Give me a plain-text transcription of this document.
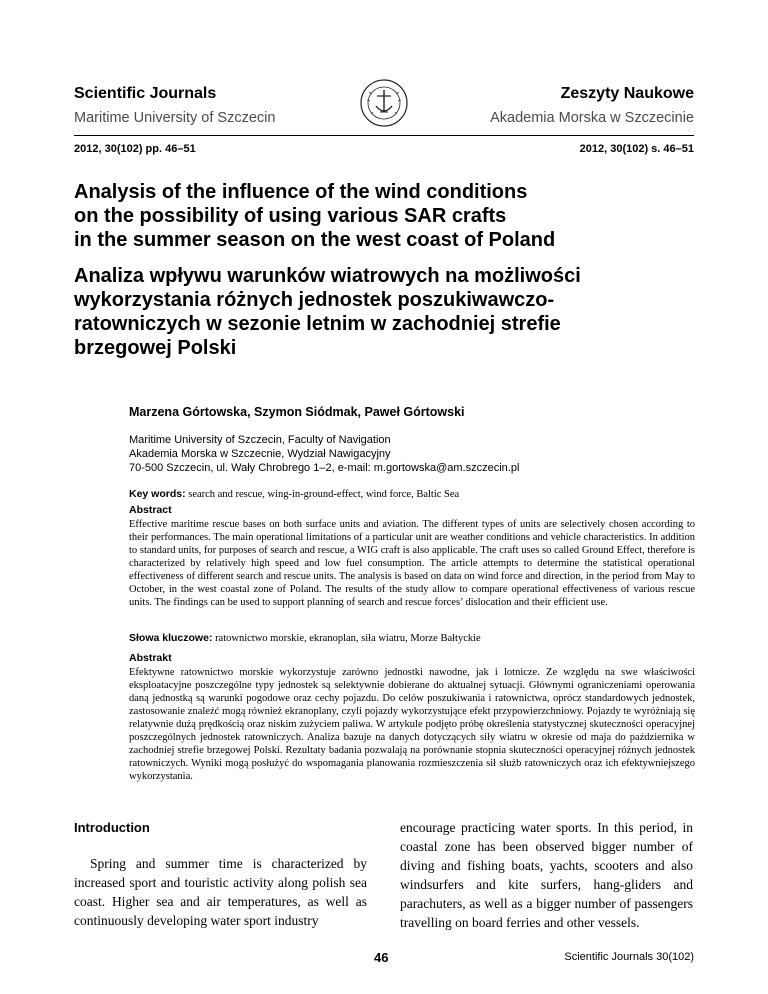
Scientific Journals
Maritime University of Szczecin
Zeszyty Naukowe
Akademia Morska w Szczecinie
2012, 30(102) pp. 46–51	2012, 30(102) s. 46–51
Analysis of the influence of the wind conditions
on the possibility of using various SAR crafts
in the summer season on the west coast of Poland
Analiza wpływu warunków wiatrowych na możliwości
wykorzystania różnych jednostek poszukiwawczo-
ratowniczych w sezonie letnim w zachodniej strefie
brzegowej Polski
Marzena Górtowska, Szymon Siódmak, Paweł Górtowski
Maritime University of Szczecin, Faculty of Navigation
Akademia Morska w Szczecnie, Wydział Nawigacyjny
70-500 Szczecin, ul. Wały Chrobrego 1–2, e-mail: m.gortowska@am.szczecin.pl
Key words: search and rescue, wing-in-ground-effect, wind force, Baltic Sea
Abstract
Effective maritime rescue bases on both surface units and aviation. The different types of units are selectively chosen according to their performances. The main operational limitations of a particular unit are weather conditions and vehicle characteristics. In addition to standard units, for purposes of search and rescue, a WIG craft is also applicable. The craft uses so called Ground Effect, therefore is characterized by relatively high speed and low fuel consumption. The article attempts to determine the statistical operational effectiveness of different search and rescue units. The analysis is based on data on wind force and direction, in the period from May to October, in the west coastal zone of Poland. The results of the study allow to compare operational effectiveness of various rescue units. The findings can be used to support planning of search and rescue forces’ dislocation and their efficient use.
Słowa kluczowe: ratownictwo morskie, ekranoplan, siła wiatru, Morze Bałtyckie
Abstrakt
Efektywne ratownictwo morskie wykorzystuje zarówno jednostki nawodne, jak i lotnicze. Ze względu na swe właściwości eksploatacyjne poszczególne typy jednostek są selektywnie dobierane do aktualnej sytuacji. Głównymi ograniczeniami operowania daną jednostką są warunki pogodowe oraz cechy pojazdu. Do celów poszukiwania i ratownictwa, oprócz standardowych jednostek, zastosowanie znaleźć mogą również ekranoplany, czyli pojazdy wykorzystujące efekt przypowierzchniowy. Pojazdy te wyróżniają się relatywnie dużą prędkością oraz niskim zużyciem paliwa. W artykule podjęto próbę określenia statystycznej skuteczności operacyjnej poszczególnych jednostek ratowniczych. Analiza bazuje na danych dotyczących siły wiatru w okresie od maja do października w zachodniej strefie brzegowej Polski. Rezultaty badania pozwalają na porównanie stopnia skuteczności operacyjnej różnych jednostek ratowniczych. Wyniki mogą posłużyć do wspomagania planowania rozmieszczenia sił służb ratowniczych oraz ich efektywniejszego wykorzystania.
Introduction

Spring and summer time is characterized by increased sport and touristic activity along polish sea coast. Higher sea and air temperatures, as well as continuously developing water sport industry

encourage practicing water sports. In this period, in coastal zone has been observed bigger number of diving and fishing boats, yachts, scooters and also windsurfers and kite surfers, hang-gliders and parachuters, as well as a bigger number of passengers travelling on board ferries and other vessels.

46	Scientific Journals 30(102)
